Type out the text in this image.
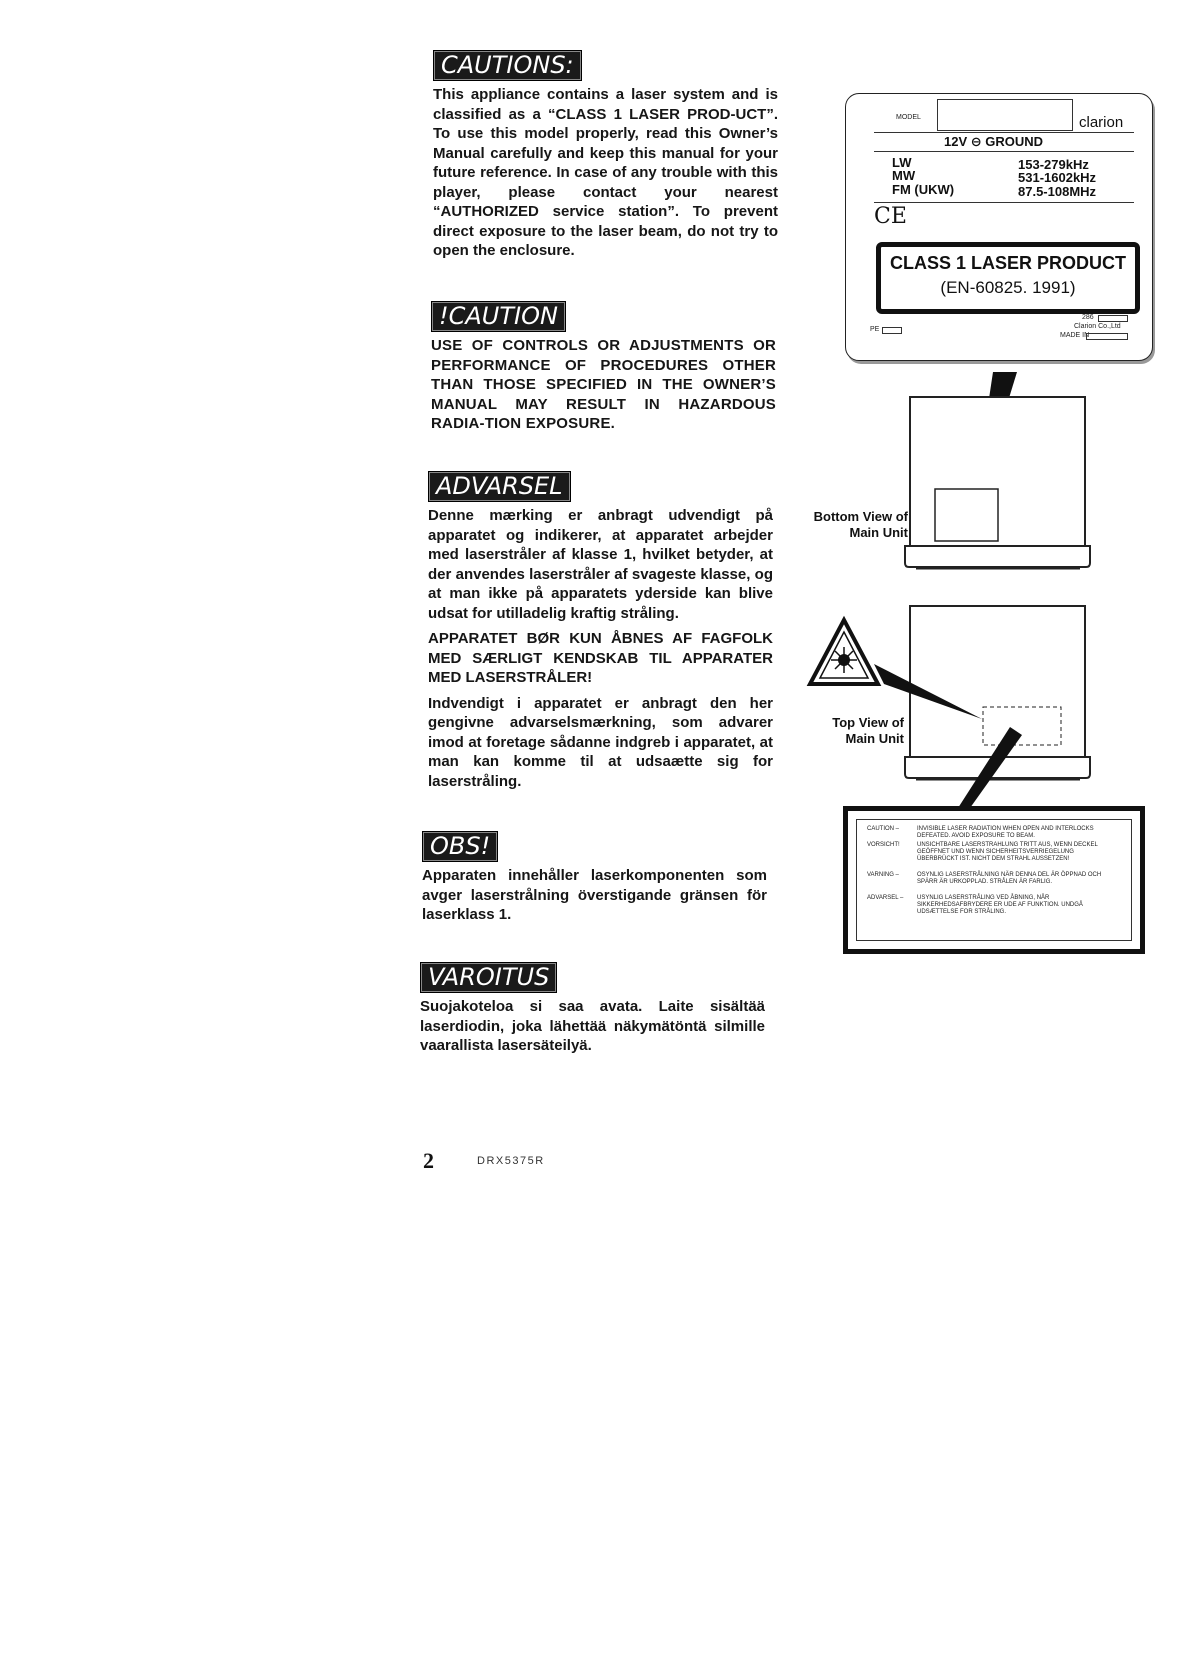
CAUTIONS:

This appliance contains a laser system and is classified as a “CLASS 1 LASER PROD-UCT”. To use this model properly, read this Owner’s Manual carefully and keep this manual for your future reference. In case of any trouble with this player, please contact your nearest “AUTHORIZED service station”. To prevent direct exposure to the laser beam, do not try to open the enclosure.

!CAUTION

USE OF CONTROLS OR ADJUSTMENTS OR PERFORMANCE OF PROCEDURES OTHER THAN THOSE SPECIFIED IN THE OWNER’S MANUAL MAY RESULT IN HAZARDOUS RADIA-TION EXPOSURE.

ADVARSEL

Denne mærking er anbragt udvendigt på apparatet og indikerer, at apparatet arbejder med laserstråler af klasse 1, hvilket betyder, at der anvendes laserstråler af svageste klasse, og at man ikke på apparatets yderside kan blive udsat for utilladelig kraftig stråling.

APPARATET BØR KUN ÅBNES AF FAGFOLK MED SÆRLIGT KENDSKAB TIL APPARATER MED LASERSTRÅLER!

Indvendigt i apparatet er anbragt den her gengivne advarselsmærkning, som advarer imod at foretage sådanne indgreb i apparatet, at man kan komme til at udsaætte sig for laserstråling.

OBS!

Apparaten innehåller laserkomponenten som avger laserstrålning överstigande gränsen för laserklass 1.

VAROITUS

Suojakoteloa si saa avata. Laite sisältää laserdiodin, joka lähettää näkymätöntä silmille vaarallista lasersäteilyä.

2	DRX5375R
MODEL	clarion
12V ⊖ GROUND
LW	153-279kHz
MW	531-1602kHz
FM (UKW)	87.5-108MHz
CE
CLASS 1 LASER PRODUCT
(EN-60825. 1991)
PE
286
Clarion Co.,Ltd
MADE IN
Bottom View of
Main Unit
Top View of
Main Unit
CAUTION –	INVISIBLE LASER RADIATION WHEN OPEN AND INTERLOCKS DEFEATED. AVOID EXPOSURE TO BEAM.
VORSICHT!	UNSICHTBARE LASERSTRAHLUNG TRITT AUS, WENN DECKEL GEÖFFNET UND WENN SICHERHEITSVERRIEGELUNG ÜBERBRÜCKT IST. NICHT DEM STRAHL AUSSETZEN!
VARNING –	OSYNLIG LASERSTRÅLNING NÄR DENNA DEL ÄR ÖPPNAD OCH SPÄRR ÄR URKOPPLAD. STRÅLEN ÄR FARLIG.
ADVARSEL –	USYNLIG LASERSTRÅLING VED ÅBNING, NÅR SIKKERHEDSAFBRYDERE ER UDE AF FUNKTION. UNDGÅ UDSÆTTELSE FOR STRÅLING.
